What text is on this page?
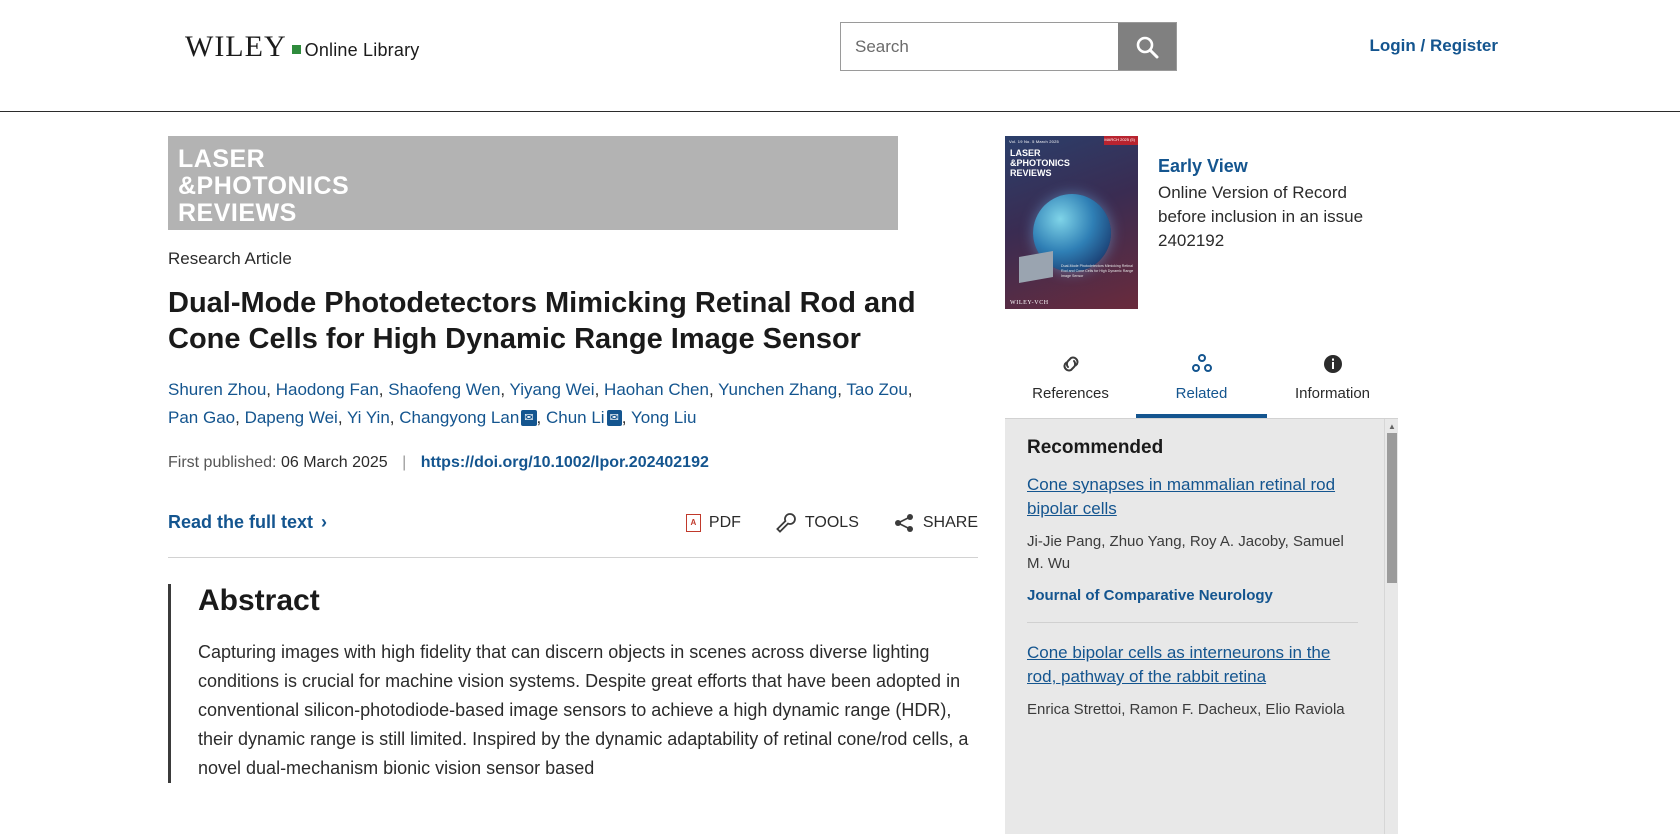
WILEY Online Library
Search	Login / Register
LASER
&PHOTONICS
REVIEWS
Research Article
Dual-Mode Photodetectors Mimicking Retinal Rod and Cone Cells for High Dynamic Range Image Sensor
Shuren Zhou, Haodong Fan, Shaofeng Wen, Yiyang Wei, Haohan Chen, Yunchen Zhang, Tao Zou, Pan Gao, Dapeng Wei, Yi Yin, Changyong Lan ✉ , Chun Li ✉ , Yong Liu
First published: 06 March 2025 | https://doi.org/10.1002/lpor.202402192
Read the full text ›	A PDF	TOOLS	SHARE
Abstract
Capturing images with high fidelity that can discern objects in scenes across diverse lighting conditions is crucial for machine vision systems. Despite great efforts that have been adopted in conventional silicon-photodiode-based image sensors to achieve a high dynamic range (HDR), their dynamic range is still limited. Inspired by the dynamic adaptability of retinal cone/rod cells, a novel dual-mechanism bionic vision sensor based
MARCH 2025 (5)
Vol. 19 No. 5 March 2025
LASER
&PHOTONICS
REVIEWS
Dual-Mode Photodetectors Mimicking Retinal Rod and Cone Cells for High Dynamic Range Image Sensor
WILEY-VCH
Early View
Online Version of Record
before inclusion in an issue
2402192
References	Related	Information
Recommended
Cone synapses in mammalian retinal rod bipolar cells
Ji-Jie Pang, Zhuo Yang, Roy A. Jacoby, Samuel M. Wu
Journal of Comparative Neurology
Cone bipolar cells as interneurons in the rod, pathway of the rabbit retina
Enrica Strettoi, Ramon F. Dacheux, Elio Raviola
▲
